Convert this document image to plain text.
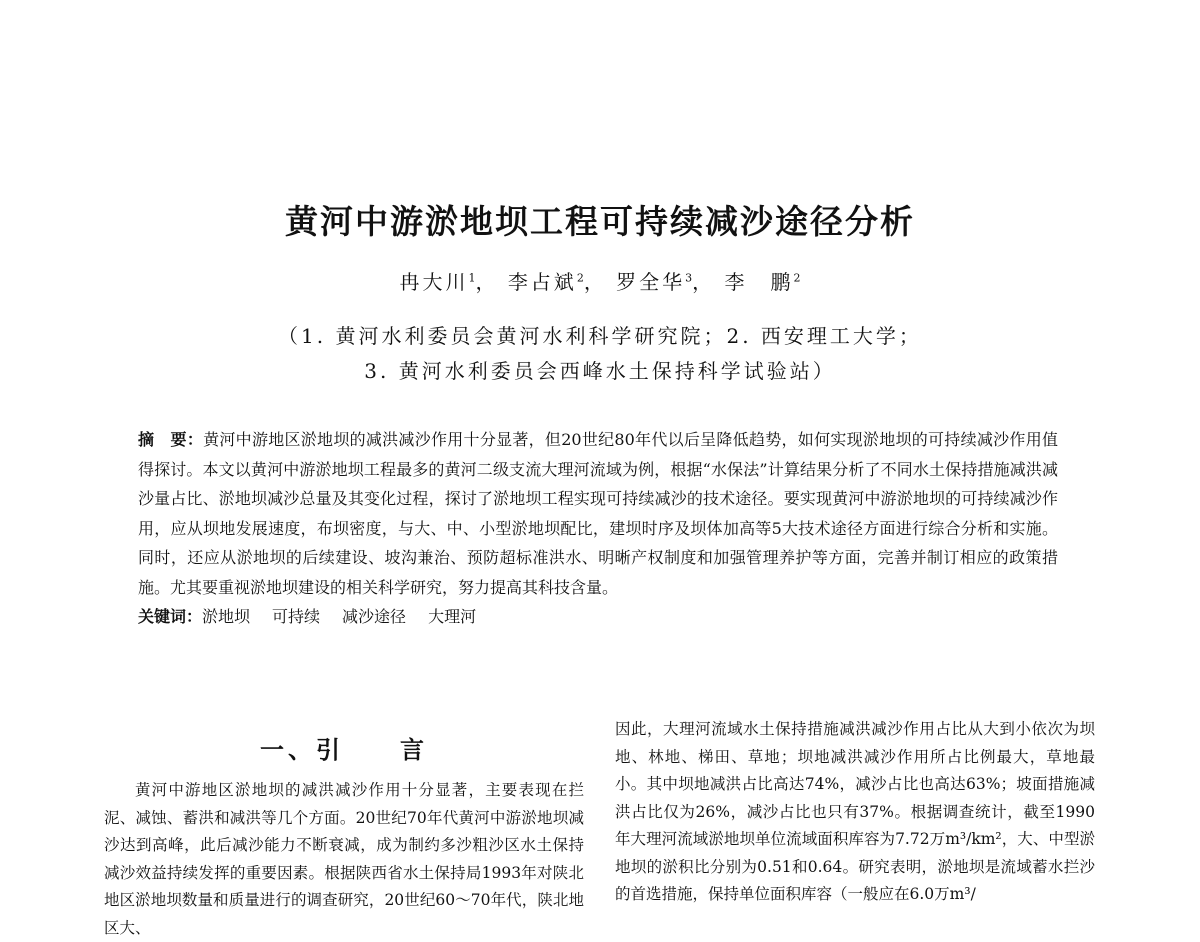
黄河中游淤地坝工程可持续减沙途径分析
冉大川$^1$， 李占斌$^2$， 罗全华$^3$， 李　鹏$^2$
（1. 黄河水利委员会黄河水利科学研究院；2. 西安理工大学；
3. 黄河水利委员会西峰水土保持科学试验站）

摘　要：黄河中游地区淤地坝的减洪减沙作用十分显著，但20世纪80年代以后呈降低趋势，如何实现淤地坝的可持续减沙作用值得探讨。本文以黄河中游淤地坝工程最多的黄河二级支流大理河流域为例，根据“水保法”计算结果分析了不同水土保持措施减洪减沙量占比、淤地坝减沙总量及其变化过程，探讨了淤地坝工程实现可持续减沙的技术途径。要实现黄河中游淤地坝的可持续减沙作用，应从坝地发展速度，布坝密度，与大、中、小型淤地坝配比，建坝时序及坝体加高等5大技术途径方面进行综合分析和实施。同时，还应从淤地坝的后续建设、坡沟兼治、预防超标准洪水、明晰产权制度和加强管理养护等方面，完善并制订相应的政策措施。尤其要重视淤地坝建设的相关科学研究，努力提高其科技含量。

关键词：淤地坝 可持续 减沙途径 大理河

一、引　　言

黄河中游地区淤地坝的减洪减沙作用十分显著，主要表现在拦泥、减蚀、蓄洪和减洪等几个方面。20世纪70年代黄河中游淤地坝减沙达到高峰，此后减沙能力不断衰减，成为制约多沙粗沙区水土保持减沙效益持续发挥的重要因素。根据陕西省水土保持局1993年对陕北地区淤地坝数量和质量进行的调查研究，20世纪60～70年代，陕北地区大、

因此，大理河流域水土保持措施减洪减沙作用占比从大到小依次为坝地、林地、梯田、草地；坝地减洪减沙作用所占比例最大，草地最小。其中坝地减洪占比高达74%，减沙占比也高达63%；坡面措施减洪占比仅为26%，减沙占比也只有37%。根据调查统计，截至1990年大理河流域淤地坝单位流域面积库容为7.72万m³/km²，大、中型淤地坝的淤积比分别为0.51和0.64。研究表明，淤地坝是流域蓄水拦沙的首选措施，保持单位面积库容（一般应在6.0万m³/
